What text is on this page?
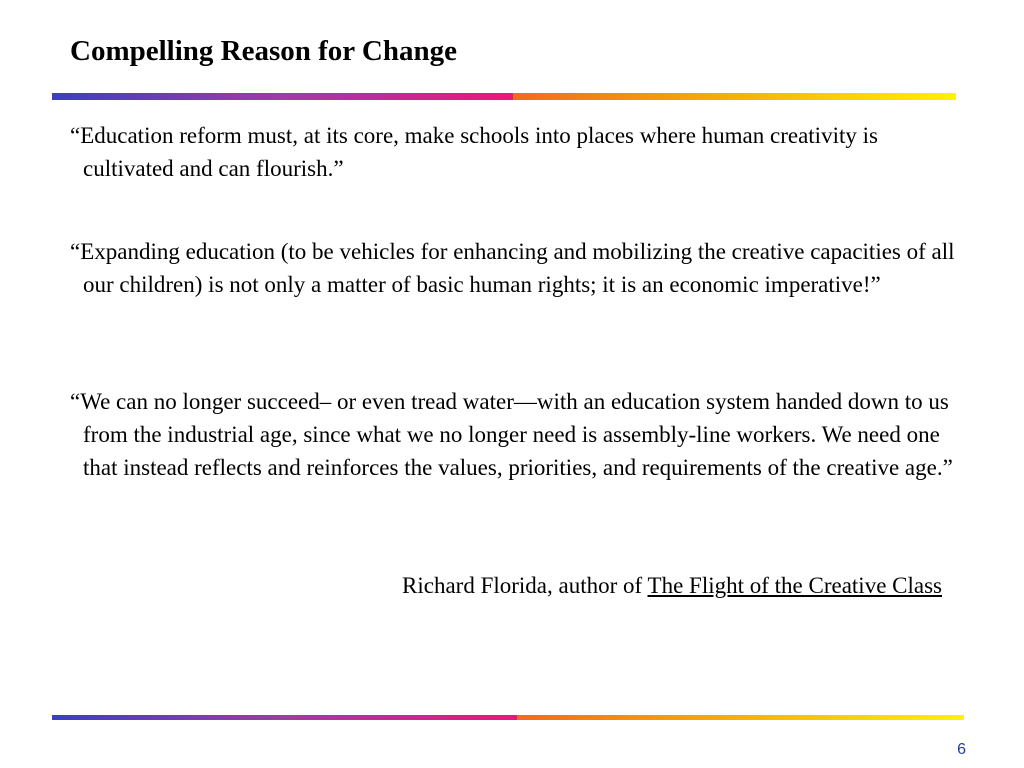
Compelling Reason for Change
“Education reform must, at its core, make schools into places where human creativity is cultivated and can flourish.”
“Expanding education (to be vehicles for enhancing and mobilizing the creative capacities of all our children) is not only a matter of basic human rights; it is an economic imperative!”
“We can no longer succeed– or even tread water—with an education system handed down to us from the industrial age, since what we no longer need is assembly-line workers. We need one that instead reflects and reinforces the values, priorities, and requirements of the creative age.”
Richard Florida, author of The Flight of the Creative Class
6
